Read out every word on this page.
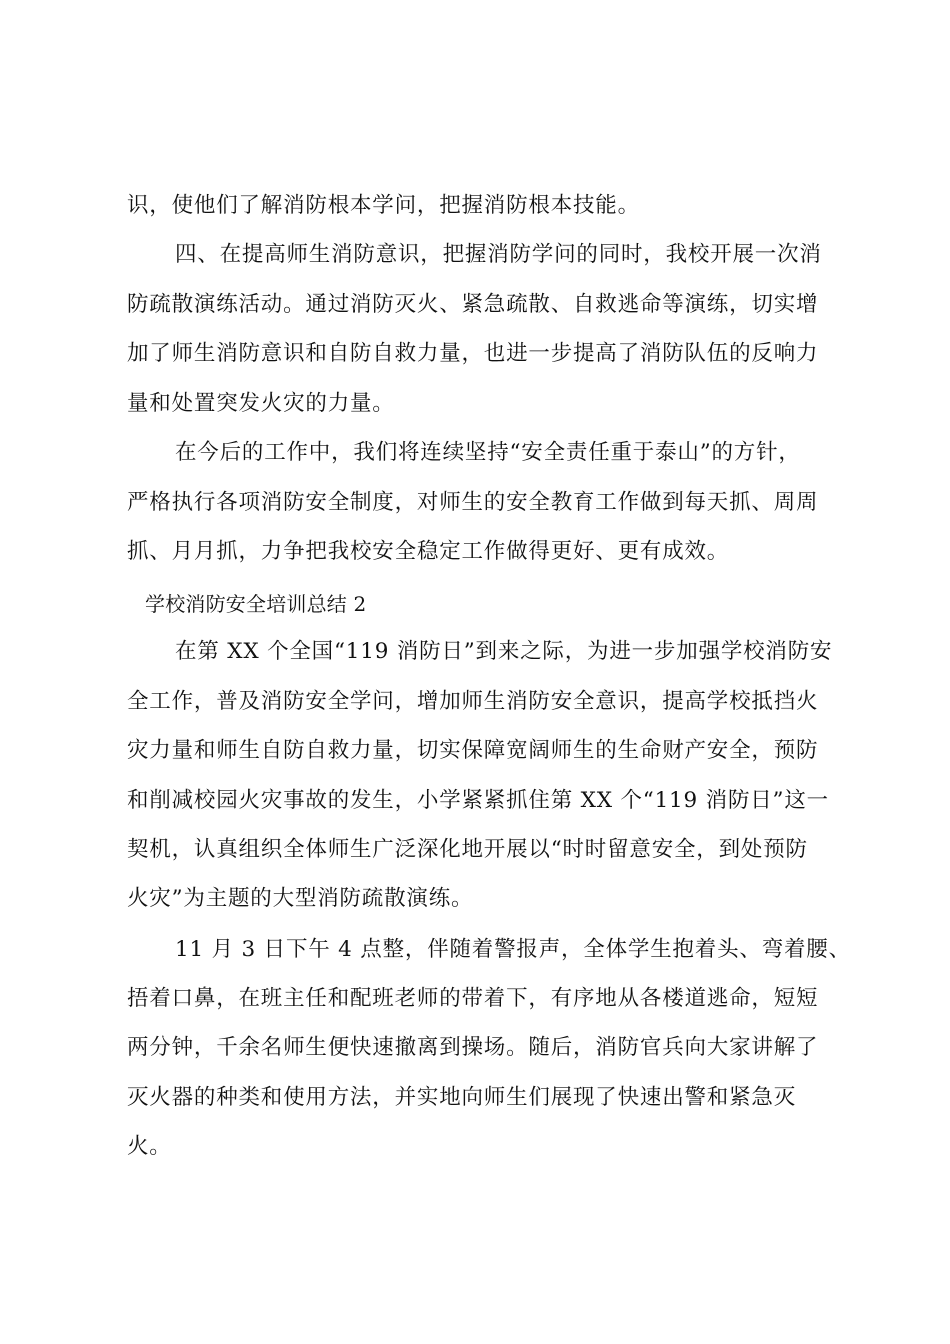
识，使他们了解消防根本学问，把握消防根本技能。
四、在提高师生消防意识，把握消防学问的同时，我校开展一次消
防疏散演练活动。通过消防灭火、紧急疏散、自救逃命等演练，切实增
加了师生消防意识和自防自救力量，也进一步提高了消防队伍的反响力
量和处置突发火灾的力量。
在今后的工作中，我们将连续坚持“安全责任重于泰山”的方针，
严格执行各项消防安全制度，对师生的安全教育工作做到每天抓、周周
抓、月月抓，力争把我校安全稳定工作做得更好、更有成效。
学校消防安全培训总结 2
在第 XX 个全国“119 消防日”到来之际，为进一步加强学校消防安
全工作，普及消防安全学问，增加师生消防安全意识，提高学校抵挡火
灾力量和师生自防自救力量，切实保障宽阔师生的生命财产安全，预防
和削减校园火灾事故的发生，小学紧紧抓住第 XX 个“119 消防日”这一
契机，认真组织全体师生广泛深化地开展以“时时留意安全，到处预防
火灾”为主题的大型消防疏散演练。
11 月 3 日下午 4 点整，伴随着警报声，全体学生抱着头、弯着腰、
捂着口鼻，在班主任和配班老师的带着下，有序地从各楼道逃命，短短
两分钟，千余名师生便快速撤离到操场。随后，消防官兵向大家讲解了
灭火器的种类和使用方法，并实地向师生们展现了快速出警和紧急灭
火。
